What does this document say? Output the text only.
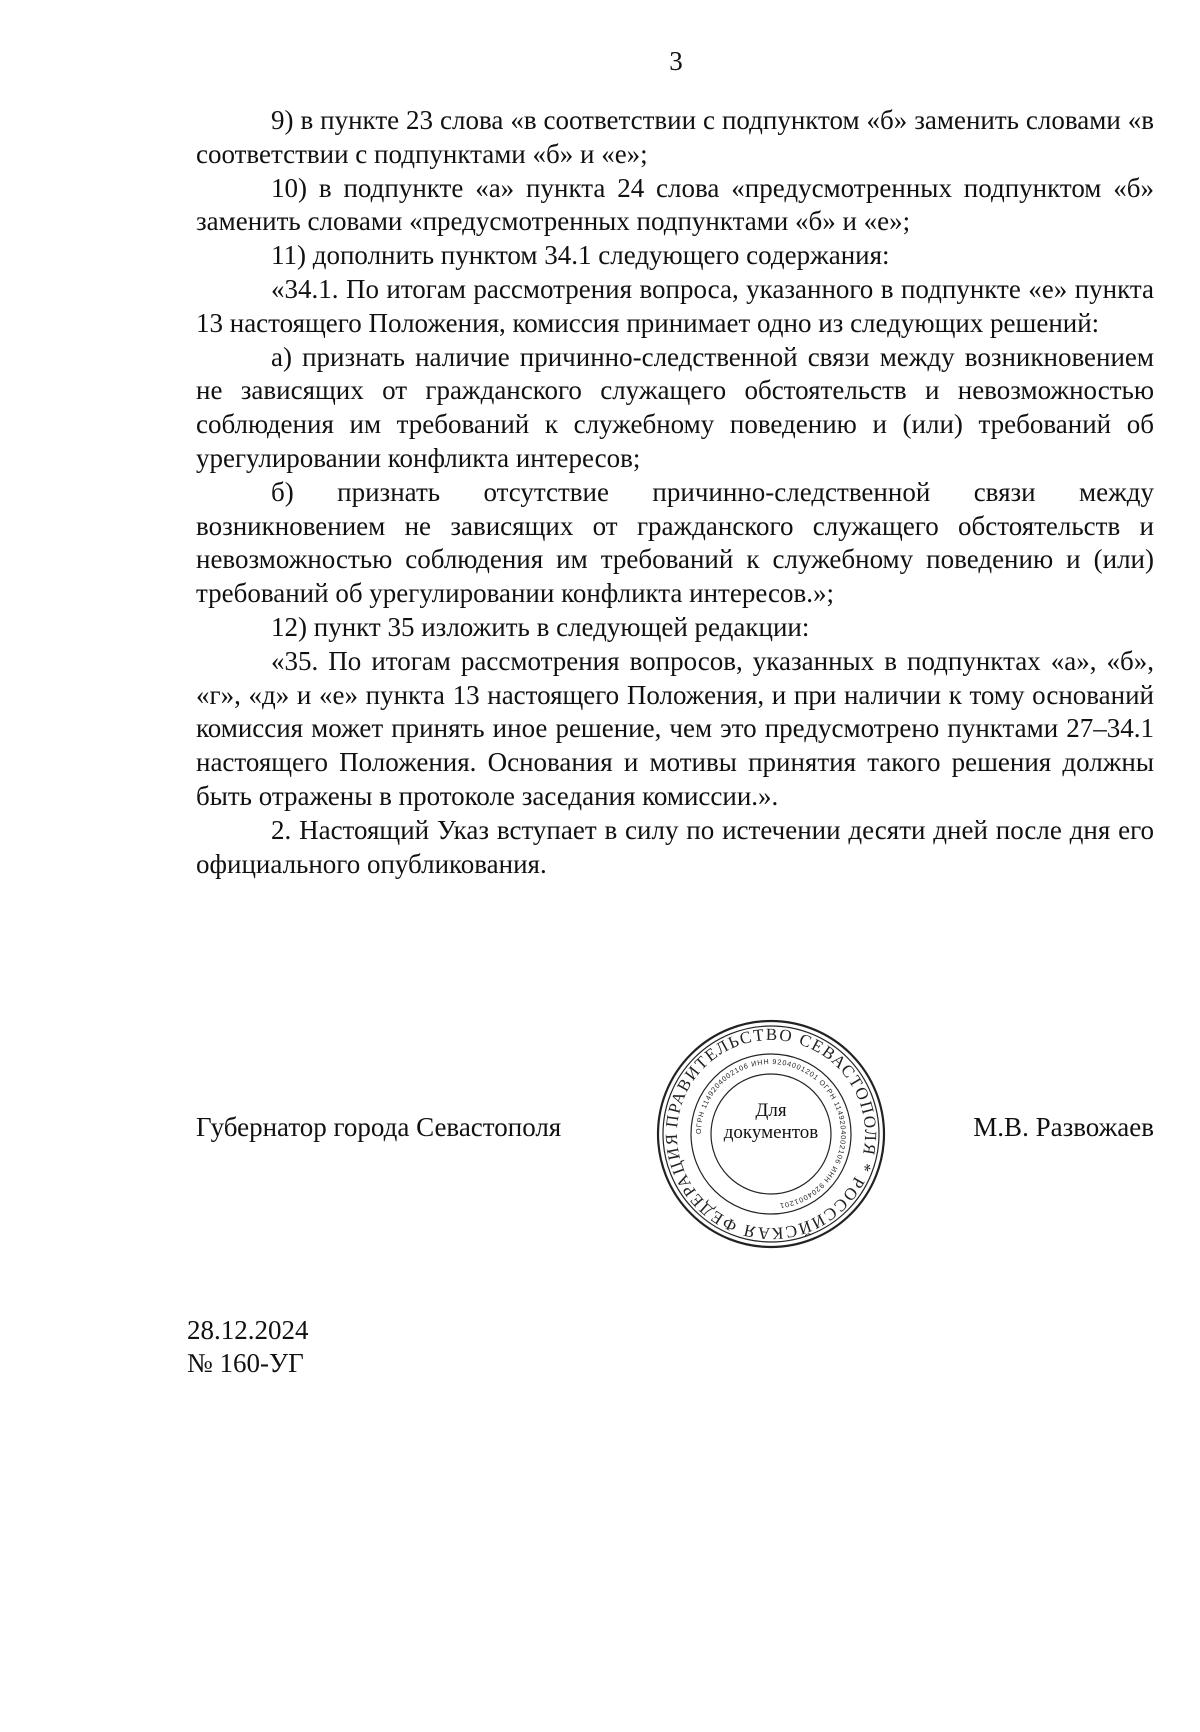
3

9) в пункте 23 слова «в соответствии с подпунктом «б» заменить словами «в соответствии с подпунктами «б» и «е»;

10) в подпункте «а» пункта 24 слова «предусмотренных подпунктом «б» заменить словами «предусмотренных подпунктами «б» и «е»;

11) дополнить пунктом 34.1 следующего содержания:

«34.1. По итогам рассмотрения вопроса, указанного в подпункте «е» пункта 13 настоящего Положения, комиссия принимает одно из следующих решений:

а) признать наличие причинно-следственной связи между возникновением не зависящих от гражданского служащего обстоятельств и невозможностью соблюдения им требований к служебному поведению и (или) требований об урегулировании конфликта интересов;

б) признать отсутствие причинно-следственной связи между возникновением не зависящих от гражданского служащего обстоятельств и невозможностью соблюдения им требований к служебному поведению и (или) требований об урегулировании конфликта интересов.»;

12) пункт 35 изложить в следующей редакции:

«35. По итогам рассмотрения вопросов, указанных в подпунктах «а», «б», «г», «д» и «е» пункта 13 настоящего Положения, и при наличии к тому оснований комиссия может принять иное решение, чем это предусмотрено пунктами 27–34.1 настоящего Положения. Основания и мотивы принятия такого решения должны быть отражены в протоколе заседания комиссии.».

2. Настоящий Указ вступает в силу по истечении десяти дней после дня его официального опубликования.

Губернатор города Севастополя	М.В. Развожаев
ПРАВИТЕЛЬСТВО СЕВАСТОПОЛЯ * РОССИЙСКАЯ ФЕДЕРАЦИЯ
ОГРН 1149204002106 ИНН 9204001201 ОГРН 1149204002106 ИНН 9204001201
Для
документов
28.12.2024
№ 160-УГ
